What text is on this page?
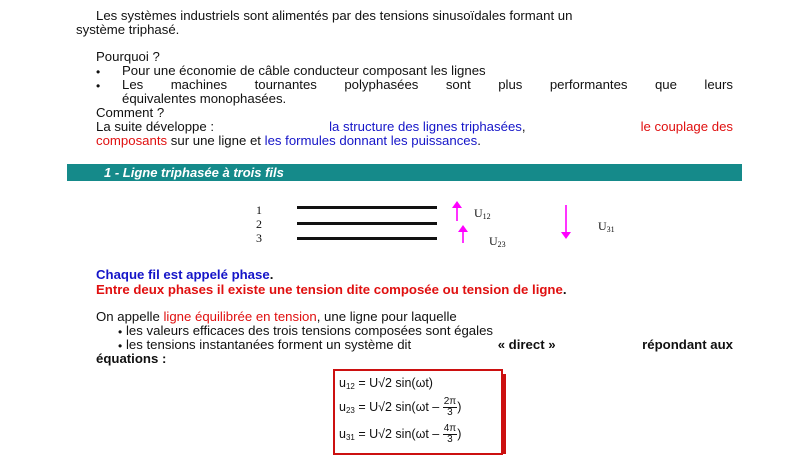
Les systèmes industriels sont alimentés par des tensions sinusoïdales formant un

système triphasé.

Pourquoi ?

• Pour une économie de câble conducteur composant les lignes

• Les machines tournantes polyphasées sont plus performantes que leurs

équivalentes monophasées.

Comment ?

La suite développe :	la structure des lignes triphasées,	le couplage des

composants sur une ligne et les formules donnant les puissances.

1 - Ligne triphasée à trois fils
1
2
3
$U_{12}$
$U_{23}$
$U_{31}$

Chaque fil est appelé phase.

Entre deux phases il existe une tension dite composée ou tension de ligne.

On appelle ligne équilibrée en tension, une ligne pour laquelle

• les valeurs efficaces des trois tensions composées sont égales

• les tensions instantanées forment un système dit	« direct »	répondant aux

équations :

u12 = U√2 sin(ωt)
u23 = U√2 $\sin(\omega t - \frac{2\pi}{3}$ )
u31 = U√2 $\sin(\omega t - \frac{4\pi}{3}$ )
